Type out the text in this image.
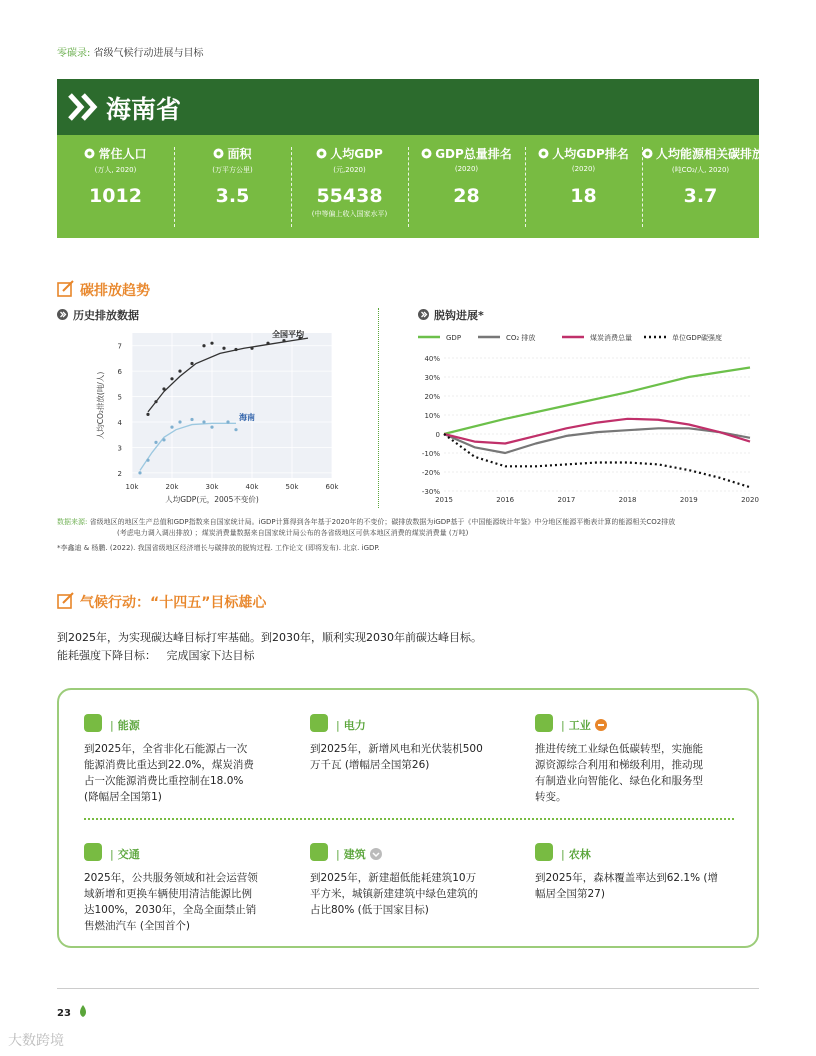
零碳录: 省级气候行动进展与目标
海南省
常住人口
(万人, 2020)
1012
面积
(万平方公里)
3.5
人均GDP
(元,2020)
55438
(中等偏上收入国家水平)
GDP总量排名
(2020)
28
人均GDP排名
(2020)
18
人均能源相关碳排放
(吨CO₂/人, 2020)
3.7
碳排放趋势
历史排放数据	脱钩进展*
10k	20k	30k	40k	50k	60k
2
3
4
5
6
7
人均GDP(元，2005不变价)
人均CO₂排放(吨/人)
全国平均
海南
40%
30%
20%
10%
0
-10%
-20%
-30%
2015	2016	2017	2018	2019	2020
GDP	CO₂ 排放	煤炭消费总量	单位GDP碳强度
数据来源: 省级地区的地区生产总值和GDP指数来自国家统计局。iGDP计算得到各年基于2020年的不变价；碳排放数据为iGDP基于《中国能源统计年鉴》中分地区能源平衡表计算的能源相关CO2排放
(考虑电力调入调出排放) ；煤炭消费量数据来自国家统计局公布的各省级地区可供本地区消费的煤炭消费量 (万吨)
*李鑫迪 & 杨鹏. (2022). 我国省级地区经济增长与碳排放的脱钩过程. 工作论文 (即将发布). 北京. iGDP.
气候行动：“十四五”目标雄心
到2025年，为实现碳达峰目标打牢基础。到2030年，顺利实现2030年前碳达峰目标。
能耗强度下降目标：   完成国家下达目标
| 能源
到2025年，全省非化石能源占一次
能源消费比重达到22.0%，煤炭消费
占一次能源消费比重控制在18.0%
(降幅居全国第1)
| 电力
到2025年，新增风电和光伏装机500
万千瓦 (增幅居全国第26)
| 工业
推进传统工业绿色低碳转型，实施能
源资源综合利用和梯级利用，推动现
有制造业向智能化、绿色化和服务型
转变。
| 交通
2025年，公共服务领域和社会运营领
域新增和更换车辆使用清洁能源比例
达100%，2030年，全岛全面禁止销
售燃油汽车 (全国首个)
| 建筑
到2025年，新建超低能耗建筑10万
平方米，城镇新建建筑中绿色建筑的
占比80% (低于国家目标)
| 农林
到2025年，森林覆盖率达到62.1% (增
幅居全国第27)
23
大数跨境
